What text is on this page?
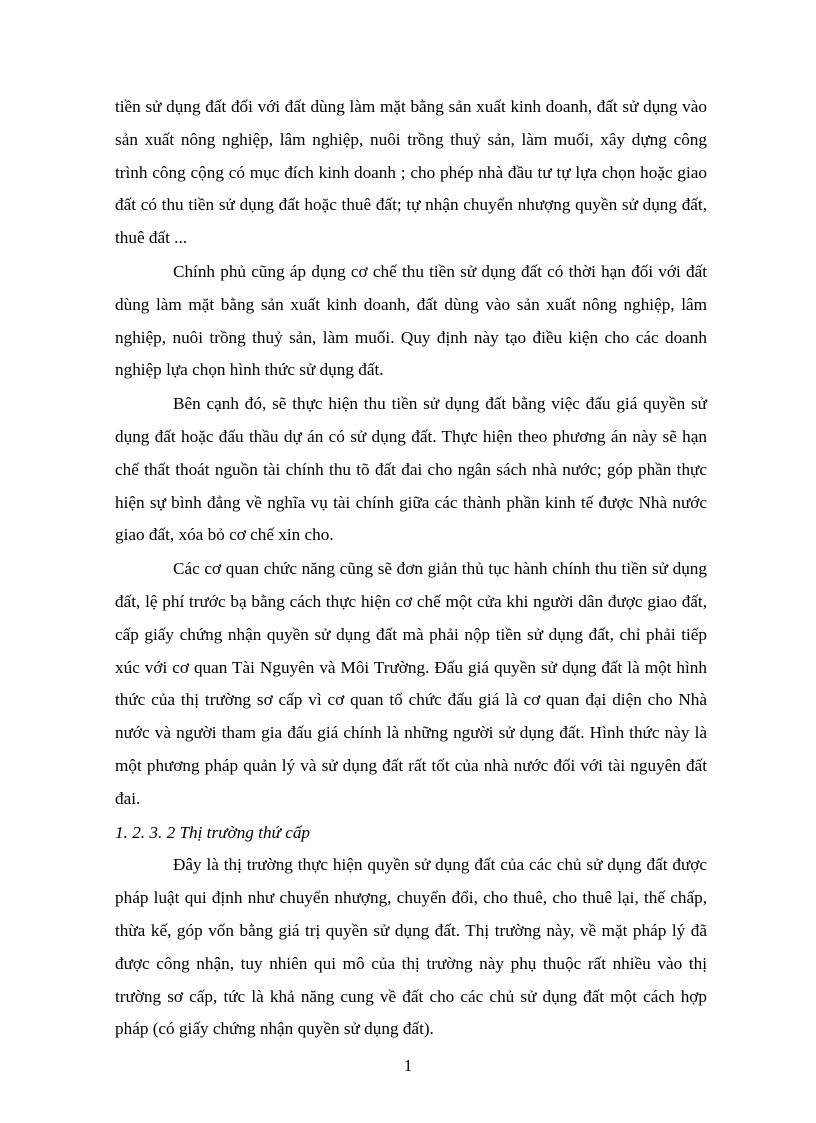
tiền sử dụng đất đối với đất dùng làm mặt bằng sản xuất kinh doanh, đất sử dụng vào sản xuất nông nghiệp, lâm nghiệp, nuôi trồng thuỷ sản, làm muối, xây dựng công trình công cộng có mục đích kinh doanh ; cho phép nhà đầu tư tự lựa chọn hoặc giao đất có thu tiền sử dụng đất hoặc thuê đất; tự nhận chuyển nhượng quyền sử dụng đất, thuê đất ...

Chính phủ cũng áp dụng cơ chế thu tiền sử dụng đất có thời hạn đối với đất dùng làm mặt bằng sản xuất kinh doanh, đất dùng vào sản xuất nông nghiệp, lâm nghiệp, nuôi trồng thuỷ sản, làm muối. Quy định này tạo điều kiện cho các doanh nghiệp lựa chọn hình thức sử dụng đất.

Bên cạnh đó, sẽ thực hiện thu tiền sử dụng đất bằng việc đấu giá quyền sử dụng đất hoặc đấu thầu dự án có sử dụng đất. Thực hiện theo phương án này sẽ hạn chế thất thoát nguồn tài chính thu tõ đất đai cho ngân sách nhà nước; góp phần thực hiện sự bình đẳng về nghĩa vụ tài chính giữa các thành phần kinh tế được Nhà nước giao đất, xóa bỏ cơ chế xin cho.

Các cơ quan chức năng cũng sẽ đơn giản thủ tục hành chính thu tiền sử dụng đất, lệ phí trước bạ bằng cách thực hiện cơ chế một cửa khi người dân được giao đất, cấp giấy chứng nhận quyền sử dụng đất mà phải nộp tiền sử dụng đất, chỉ phải tiếp xúc với cơ quan Tài Nguyên và Môi Trường. Đấu giá quyền sử dụng đất là một hình thức của thị trường sơ cấp vì cơ quan tổ chức đấu giá là cơ quan đại diện cho Nhà nước và người tham gia đấu giá chính là những người sử dụng đất. Hình thức này là một phương pháp quản lý và sử dụng đất rất tốt của nhà nước đối với tài nguyên đất đai.

1. 2. 3. 2 Thị trường thứ cấp

Đây là thị trường thực hiện quyền sử dụng đất của các chủ sử dụng đất được pháp luật qui định như chuyển nhượng, chuyển đổi, cho thuê, cho thuê lại, thế chấp, thừa kế, góp vốn bằng giá trị quyền sử dụng đất. Thị trường này, về mặt pháp lý đã được công nhận, tuy nhiên qui mô của thị trường này phụ thuộc rất nhiều vào thị trường sơ cấp, tức là khả năng cung về đất cho các chủ sử dụng đất một cách hợp pháp (có giấy chứng nhận quyền sử dụng đất).

1
